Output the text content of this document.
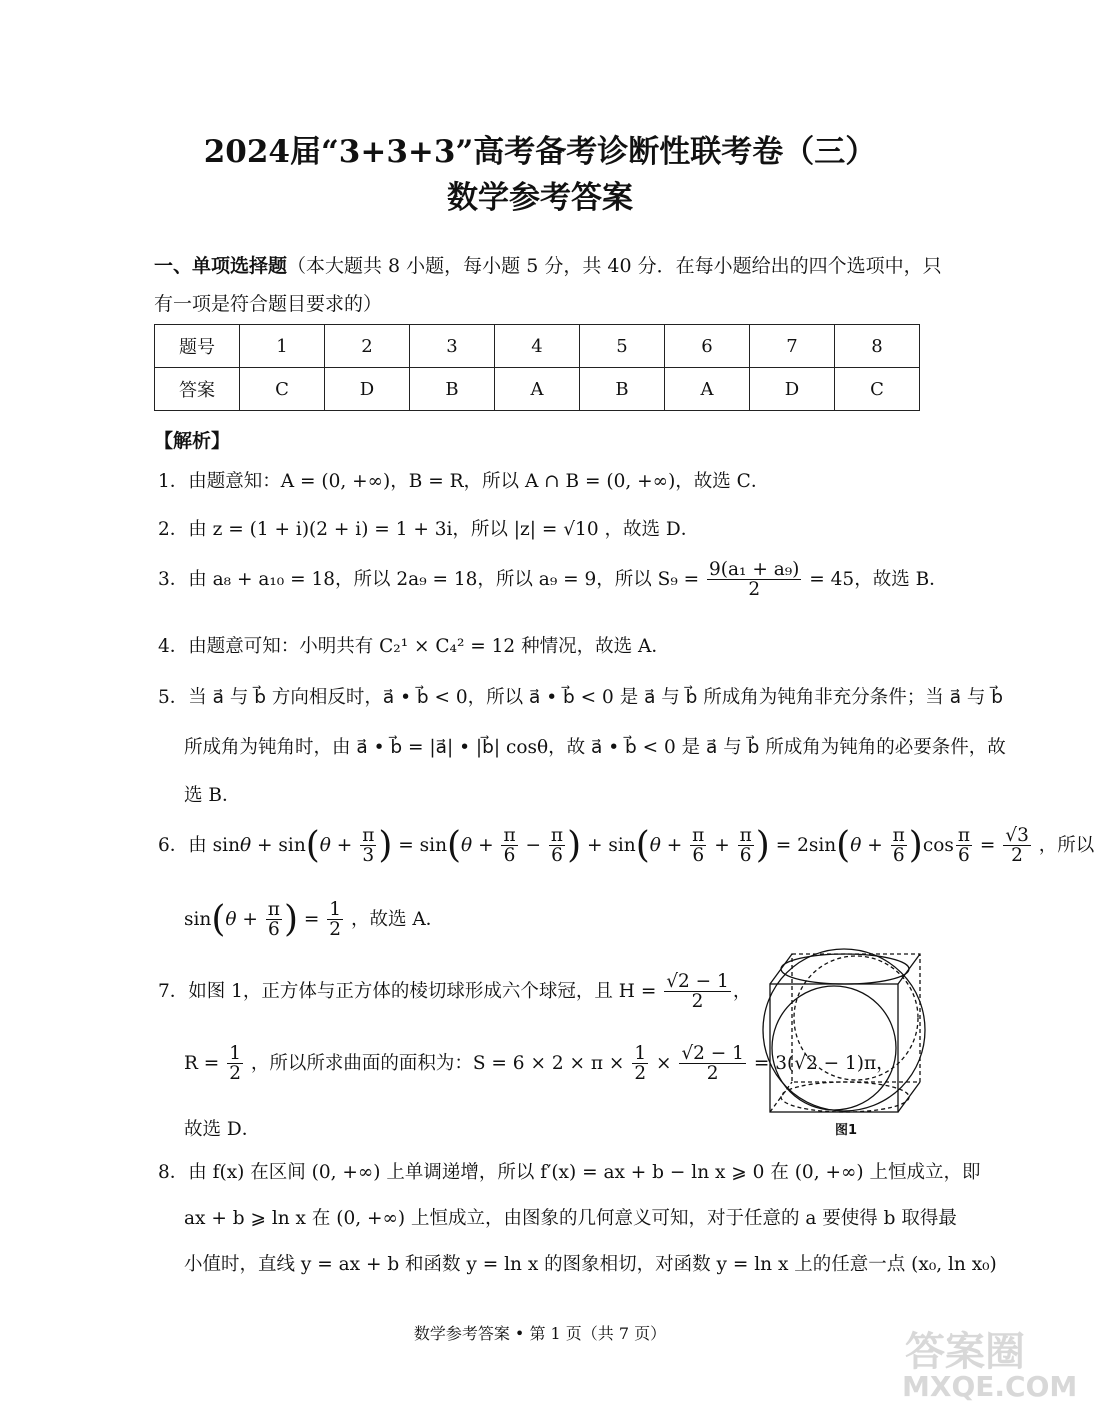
2024届“3+3+3”高考备考诊断性联考卷（三）
数学参考答案
一、单项选择题（本大题共 8 小题，每小题 5 分，共 40 分．在每小题给出的四个选项中，只
有一项是符合题目要求的）
题号	1	2	3	4	5	6	7	8
答案	C	D	B	A	B	A	D	C
【解析】
1．由题意知：A = (0, +∞)，B = R，所以 A ∩ B = (0, +∞)，故选 C．
2．由 z = (1 + i)(2 + i) = 1 + 3i，所以 |z| = √10 ，故选 D．
3．由 a₈ + a₁₀ = 18，所以 2a₉ = 18，所以 a₉ = 9，所以 $S_9 = \frac{\text{9(a₁ + a₉)}}{2} = 45$，故选 B．
4．由题意可知：小明共有 C₂¹ × C₄² = 12 种情况，故选 A．
5．当 a⃗ 与 b⃗ 方向相反时，a⃗ • b⃗ < 0，所以 a⃗ • b⃗ < 0 是 a⃗ 与 b⃗ 所成角为钝角非充分条件；当 a⃗ 与 b⃗
所成角为钝角时，由 a⃗ • b⃗ = |a⃗| • |b⃗| cosθ，故 a⃗ • b⃗ < 0 是 a⃗ 与 b⃗ 所成角为钝角的必要条件，故
选 B．
6．由 $\sin\theta + \sin(\theta + \frac{\pi}{3}$ ) = $\sin(\theta + \frac{\pi}{6} - \frac{\pi}{6}$ ) + $\sin(\theta + \frac{\pi}{6} + \frac{\pi}{6}$ ) = $2\sin(\theta + \frac{\pi}{6} )\cos \frac{\pi}{6} = \frac{√3}{2}$ ，所以
$\sin(\theta + \frac{\pi}{6}$ ) = $\frac{1}{2}$ ，故选 A．
7．如图 1，正方体与正方体的棱切球形成六个球冠，且 $H = \frac{√2 - 1}{2}$ ，
$R = \frac{1}{2}$ ，所以所求曲面的面积为：$S = 6 \times 2 \times \pi \times \frac{1}{2} \times \frac{√2 - 1}{2} = 3(√2 - 1)\pi$，
故选 D．	图1
8．由 f(x) 在区间 (0, +∞) 上单调递增，所以 f′(x) = ax + b − ln x ⩾ 0 在 (0, +∞) 上恒成立，即
ax + b ⩾ ln x 在 (0, +∞) 上恒成立，由图象的几何意义可知，对于任意的 a 要使得 b 取得最
小值时，直线 y = ax + b 和函数 y = ln x 的图象相切，对函数 y = ln x 上的任意一点 (x₀, ln x₀)
数学参考答案 • 第 1 页（共 7 页）	答案圈
MXQE.COM
